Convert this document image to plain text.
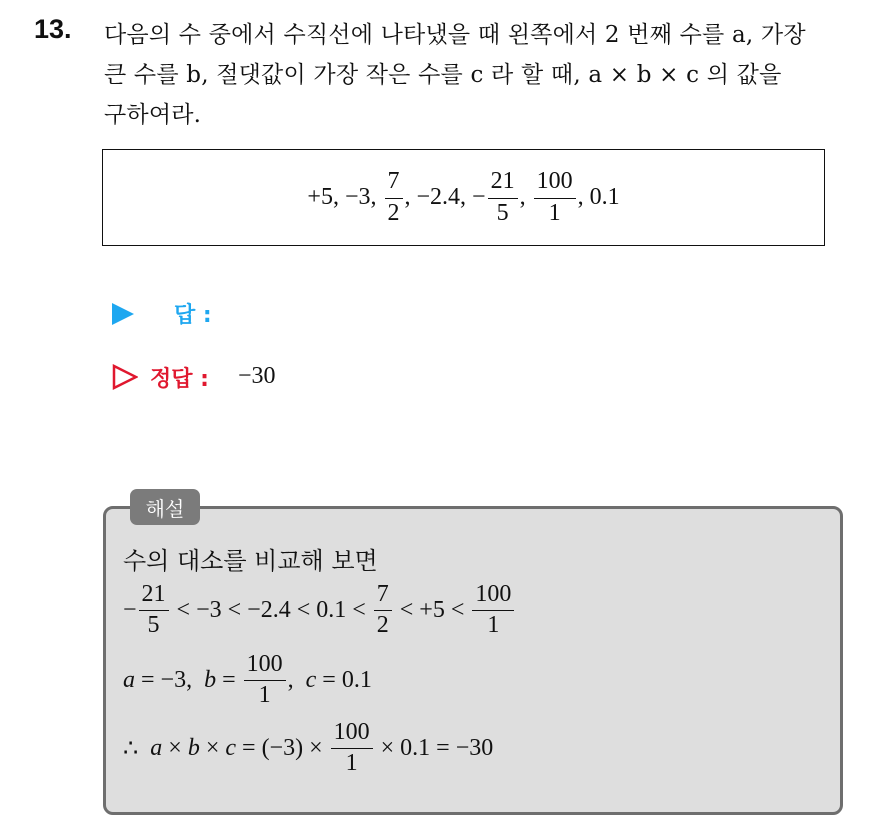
13. 다음의 수 중에서 수직선에 나타냈을 때 왼쪽에서 2 번째 수를 a, 가장
큰 수를 b, 절댓값이 가장 작은 수를 c 라 할 때, a × b × c 의 값을
구하여라.
+5, −3, $\frac{7}{2}$ , −2.4, − $\frac{21}{5}$ , $\frac{100}{1}$ , 0.1
답 :
정답 : −30
해설
수의 대소를 비교해 보면
− $\frac{21}{5} < -3 < -2.4 < 0.1 < \frac{7}{2} < +5 < \frac{100}{1}$
a = −3, $b = \frac{100}{1}$ , c = 0.1
∴ $a \times b \times c = (-3) \times \frac{100}{1} \times 0.1 = -30$
